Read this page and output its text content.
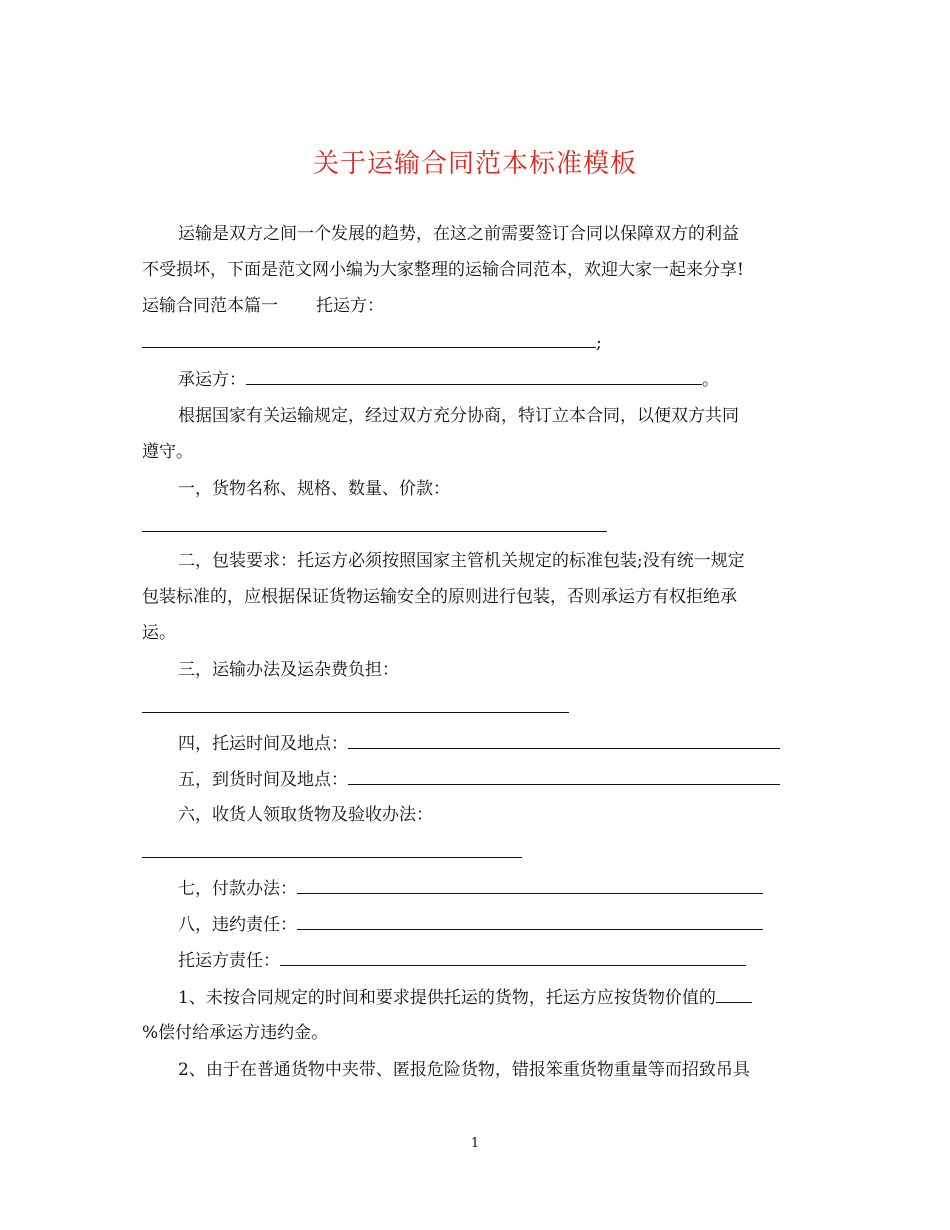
关于运输合同范本标准模板
运输是双方之间一个发展的趋势，在这之前需要签订合同以保障双方的利益
不受损坏，下面是范文网小编为大家整理的运输合同范本，欢迎大家一起来分享!
运输合同范本篇一 托运方：
;
承运方：	。
根据国家有关运输规定，经过双方充分协商，特订立本合同，以便双方共同
遵守。
一，货物名称、规格、数量、价款：
二，包装要求：托运方必须按照国家主管机关规定的标准包装;没有统一规定
包装标准的，应根据保证货物运输安全的原则进行包装，否则承运方有权拒绝承
运。
三，运输办法及运杂费负担：
四，托运时间及地点：
五，到货时间及地点：
六，收货人领取货物及验收办法：
七，付款办法：
八，违约责任：
托运方责任：
1、未按合同规定的时间和要求提供托运的货物，托运方应按货物价值的
%偿付给承运方违约金。
2、由于在普通货物中夹带、匿报危险货物，错报笨重货物重量等而招致吊具
1
